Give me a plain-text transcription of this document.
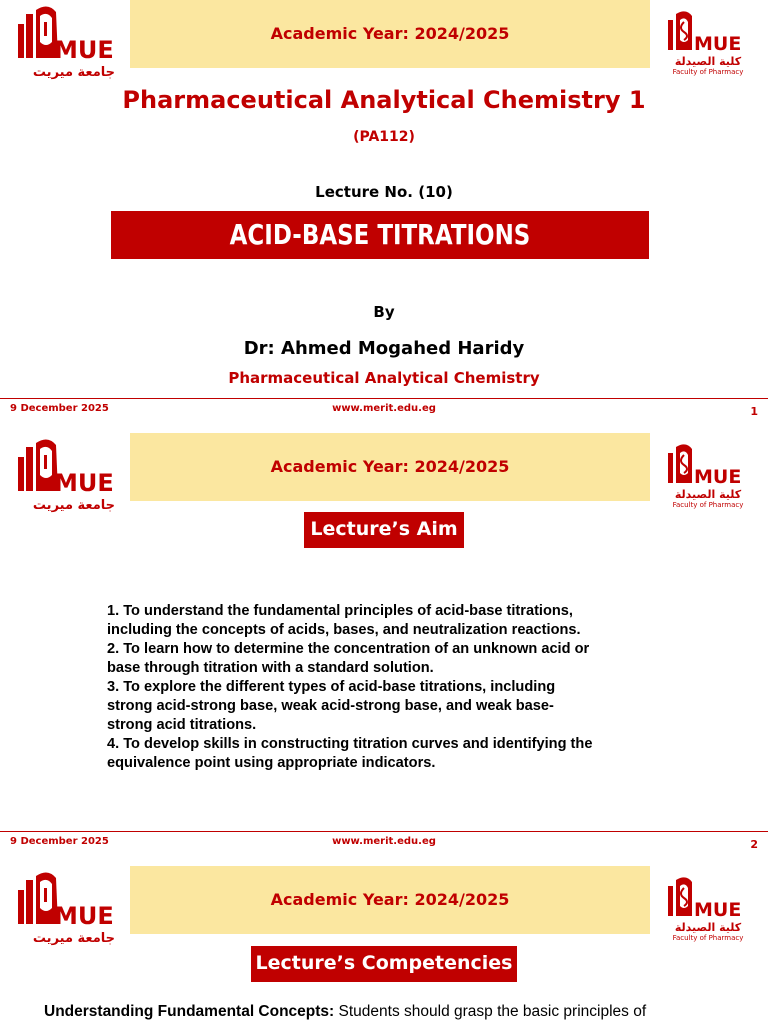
Academic Year: 2024/2025
MUE
جامعة ميريت
MUE
كلية الصيدلة
Faculty of Pharmacy
Pharmaceutical Analytical Chemistry 1
(PA112)
Lecture No. (10)
ACID-BASE TITRATIONS
By
Dr: Ahmed Mogahed Haridy
Pharmaceutical Analytical Chemistry
9 December 2025	www.merit.edu.eg	1
Academic Year: 2024/2025
MUE
جامعة ميريت
MUE
كلية الصيدلة
Faculty of Pharmacy
Lecture’s Aim
1. To understand the fundamental principles of acid-base titrations,
including the concepts of acids, bases, and neutralization reactions.
2. To learn how to determine the concentration of an unknown acid or
base through titration with a standard solution.
3. To explore the different types of acid-base titrations, including
strong acid-strong base, weak acid-strong base, and weak base-
strong acid titrations.
4. To develop skills in constructing titration curves and identifying the
equivalence point using appropriate indicators.
9 December 2025	www.merit.edu.eg	2
Academic Year: 2024/2025
MUE
جامعة ميريت
MUE
كلية الصيدلة
Faculty of Pharmacy
Lecture’s Competencies
Understanding Fundamental Concepts: Students should grasp the basic principles of
